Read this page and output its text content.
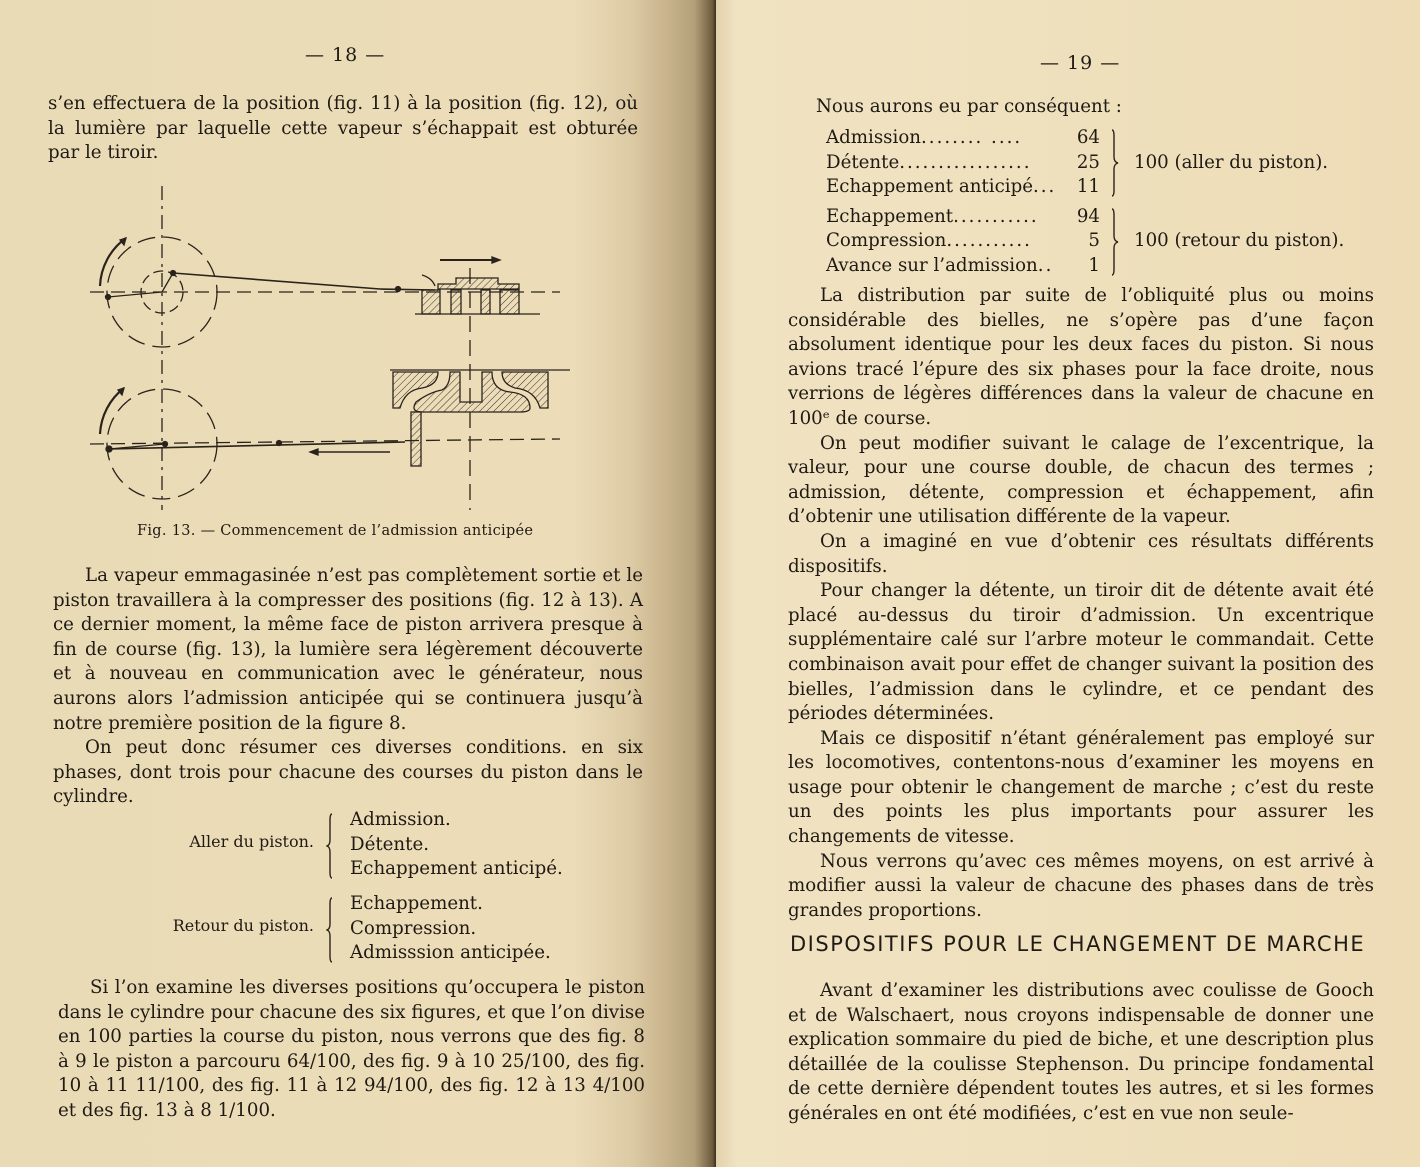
— 18 —

s’en effectuera de la position (fig. 11) à la position (fig. 12), où la lumière par laquelle cette vapeur s’échappait est obturée par le tiroir.

Fig. 13. — Commencement de l’admission anticipée

La vapeur emmagasinée n’est pas complètement sortie et le piston travaillera à la compresser des positions (fig. 12 à 13). A ce dernier moment, la même face de piston arrivera presque à fin de course (fig. 13), la lumière sera légèrement découverte et à nouveau en communication avec le générateur, nous aurons alors l’admission anticipée qui se continuera jusqu’à notre première position de la figure 8.

On peut donc résumer ces diverses conditions. en six phases, dont trois pour chacune des courses du piston dans le cylindre.

Aller du piston.
Admission.
Détente.
Echappement anticipé.
Retour du piston.
Echappement.
Compression.
Admisssion anticipée.

Si l’on examine les diverses positions qu’occupera le piston dans le cylindre pour chacune des six figures, et que l’on divise en 100 parties la course du piston, nous verrons que des fig. 8 à 9 le piston a parcouru 64/100, des fig. 9 à 10 25/100, des fig. 10 à 11 11/100, des fig. 11 à 12 94/100, des fig. 12 à 13 4/100 et des fig. 13 à 8 1/100.

— 19 —

Nous aurons eu par conséquent :

Admission........ ....	64
Détente.................	25
Echappement anticipé...	11
100 (aller du piston).
Echappement...........	94
Compression...........	5
Avance sur l’admission..	1
100 (retour du piston).

La distribution par suite de l’obliquité plus ou moins considérable des bielles, ne s’opère pas d’une façon absolument identique pour les deux faces du piston. Si nous avions tracé l’épure des six phases pour la face droite, nous verrions de légères différences dans la valeur de chacune en 100ᵉ de course.

On peut modifier suivant le calage de l’excentrique, la valeur, pour une course double, de chacun des termes ; admission, détente, compression et échappement, afin d’obtenir une utilisation différente de la vapeur.

On a imaginé en vue d’obtenir ces résultats différents dispositifs.

Pour changer la détente, un tiroir dit de détente avait été placé au-dessus du tiroir d’admission. Un excentrique supplémentaire calé sur l’arbre moteur le commandait. Cette combinaison avait pour effet de changer suivant la position des bielles, l’admission dans le cylindre, et ce pendant des périodes déterminées.

Mais ce dispositif n’étant généralement pas employé sur les locomotives, contentons-nous d’examiner les moyens en usage pour obtenir le changement de marche ; c’est du reste un des points les plus importants pour assurer les changements de vitesse.

Nous verrons qu’avec ces mêmes moyens, on est arrivé à modifier aussi la valeur de chacune des phases dans de très grandes proportions.

DISPOSITIFS POUR LE CHANGEMENT DE MARCHE

Avant d’examiner les distributions avec coulisse de Gooch et de Walschaert, nous croyons indispensable de donner une explication sommaire du pied de biche, et une description plus détaillée de la coulisse Stephenson. Du principe fondamental de cette dernière dépendent toutes les autres, et si les formes générales en ont été modifiées, c’est en vue non seule-
